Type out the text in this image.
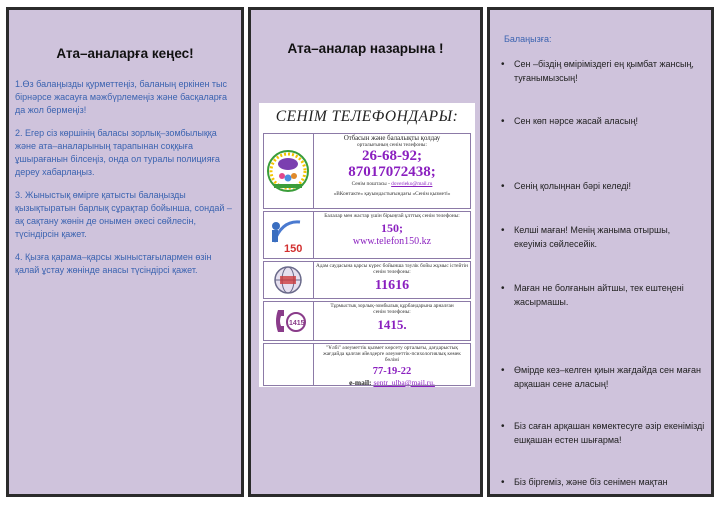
Ата–аналарға кеңес!

1.Өз балаңызды қурметтеңіз, баланың еркінен тыс бірнәрсе жасауға мәжбүрлемеңіз және басқаларға да жол бермеңіз!

2. Егер сіз көршінің баласы зорлық–зомбылыққа және ата–аналарының тарапынан соққыға ұшырағанын білсеңіз, онда ол туралы полицияға дереу хабарлаңыз.

3. Жыныстық өмірге қатысты балаңызды қызықтыратын барлық сұрақтар бойынша, сондай –ақ сақтану жөнін де онымен әкесі сөйлесін, түсіндірсін қажет.

4. Қызға қарама–қарсы жыныстағылармен өзін қалай ұстау жөнінде анасы түсіндірсі қажет.

Ата–аналар назарына !
СЕНІМ ТЕЛЕФОНДАРЫ:
Отбасын және балалықты қолдау
орталығының сенім телефоны:
26-68-92;
87017072438;
Сенім поштасы - doverieko@mail.ru
«ВКонтакте» қауымдастығындағы «Сенім қызметі»
150
Балалар мен жастар үшін бірыңғай ұлттық сенім телефоны:
150;
www.telefon150.kz
Адам саудасына қарсы күрес бойынша тәулік бойы жұмыс істейтін сенім телефоны:
11616
1415
Тұрмыстық зорлық-зомбылық құрбандарына арналған
сенім телефоны:
1415.
"Ұлбі" әлеуметтік қызмет көрсету орталығы, дағдарыстық жағдайда қалған әйелдерге әлеуметтік-психологиялық көмек бөлімі
77-19-22
e-mail: sentr_ulba@mail.ru.
Балаңызға:
• Сен –біздің өміріміздегі ең қымбат жансың, туғанымызсың!
• Сен көп нәрсе жасай аласың!
• Сенің қолыңнан бәрі келеді!
• Келші маған! Менің жаныма отыршы, екеуіміз сөйлесейік.
• Маған не болғанын айтшы, тек ештеңені жасырмашы.
• Өмірде кез–келген қиын жағдайда сен маған арқашан сене аласың!
• Біз саған арқашан көмектесуге әзір екенімізді ешқашан естен шығарма!
• Біз біргеміз, және біз сенімен мақтан
